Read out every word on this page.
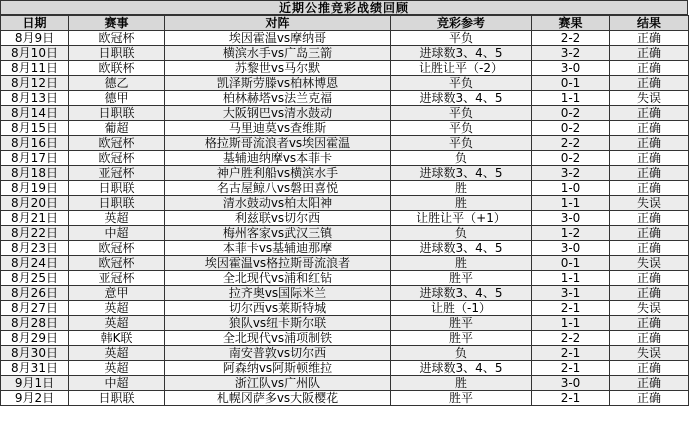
近期公推竞彩战绩回顾
日期	赛事	对阵	竞彩参考	赛果	结果
8月9日	欧冠杯	埃因霍温vs摩纳哥	平负	2-2	正确
8月10日	日职联	横滨水手vs广岛三箭	进球数3、4、5	3-2	正确
8月11日	欧联杯	苏黎世vs马尔默	让胜让平（-2）	3-0	正确
8月12日	德乙	凯泽斯劳滕vs柏林博恩	平负	0-1	正确
8月13日	德甲	柏林赫塔vs法兰克福	进球数3、4、5	1-1	失误
8月14日	日职联	大阪钢巴vs清水鼓动	平负	0-2	正确
8月15日	葡超	马里迪莫vs查维斯	平负	0-2	正确
8月16日	欧冠杯	格拉斯哥流浪者vs埃因霍温	平负	2-2	正确
8月17日	欧冠杯	基辅迪纳摩vs本菲卡	负	0-2	正确
8月18日	亚冠杯	神户胜利船vs横滨水手	进球数3、4、5	3-2	正确
8月19日	日职联	名古屋鲸八vs磐田喜悦	胜	1-0	正确
8月20日	日职联	清水鼓动vs柏太阳神	胜	1-1	失误
8月21日	英超	利兹联vs切尔西	让胜让平（+1）	3-0	正确
8月22日	中超	梅州客家vs武汉三镇	负	1-2	正确
8月23日	欧冠杯	本菲卡vs基辅迪那摩	进球数3、4、5	3-0	正确
8月24日	欧冠杯	埃因霍温vs格拉斯哥流浪者	胜	0-1	失误
8月25日	亚冠杯	全北现代vs浦和红钻	胜平	1-1	正确
8月26日	意甲	拉齐奥vs国际米兰	进球数3、4、5	3-1	正确
8月27日	英超	切尔西vs莱斯特城	让胜（-1）	2-1	失误
8月28日	英超	狼队vs纽卡斯尔联	胜平	1-1	正确
8月29日	韩K联	全北现代vs浦项制铁	胜平	2-2	正确
8月30日	英超	南安普敦vs切尔西	负	2-1	失误
8月31日	英超	阿森纳vs阿斯顿维拉	进球数3、4、5	2-1	正确
9月1日	中超	浙江队vs广州队	胜	3-0	正确
9月2日	日职联	札幌冈萨多vs大阪樱花	胜平	2-1	正确
